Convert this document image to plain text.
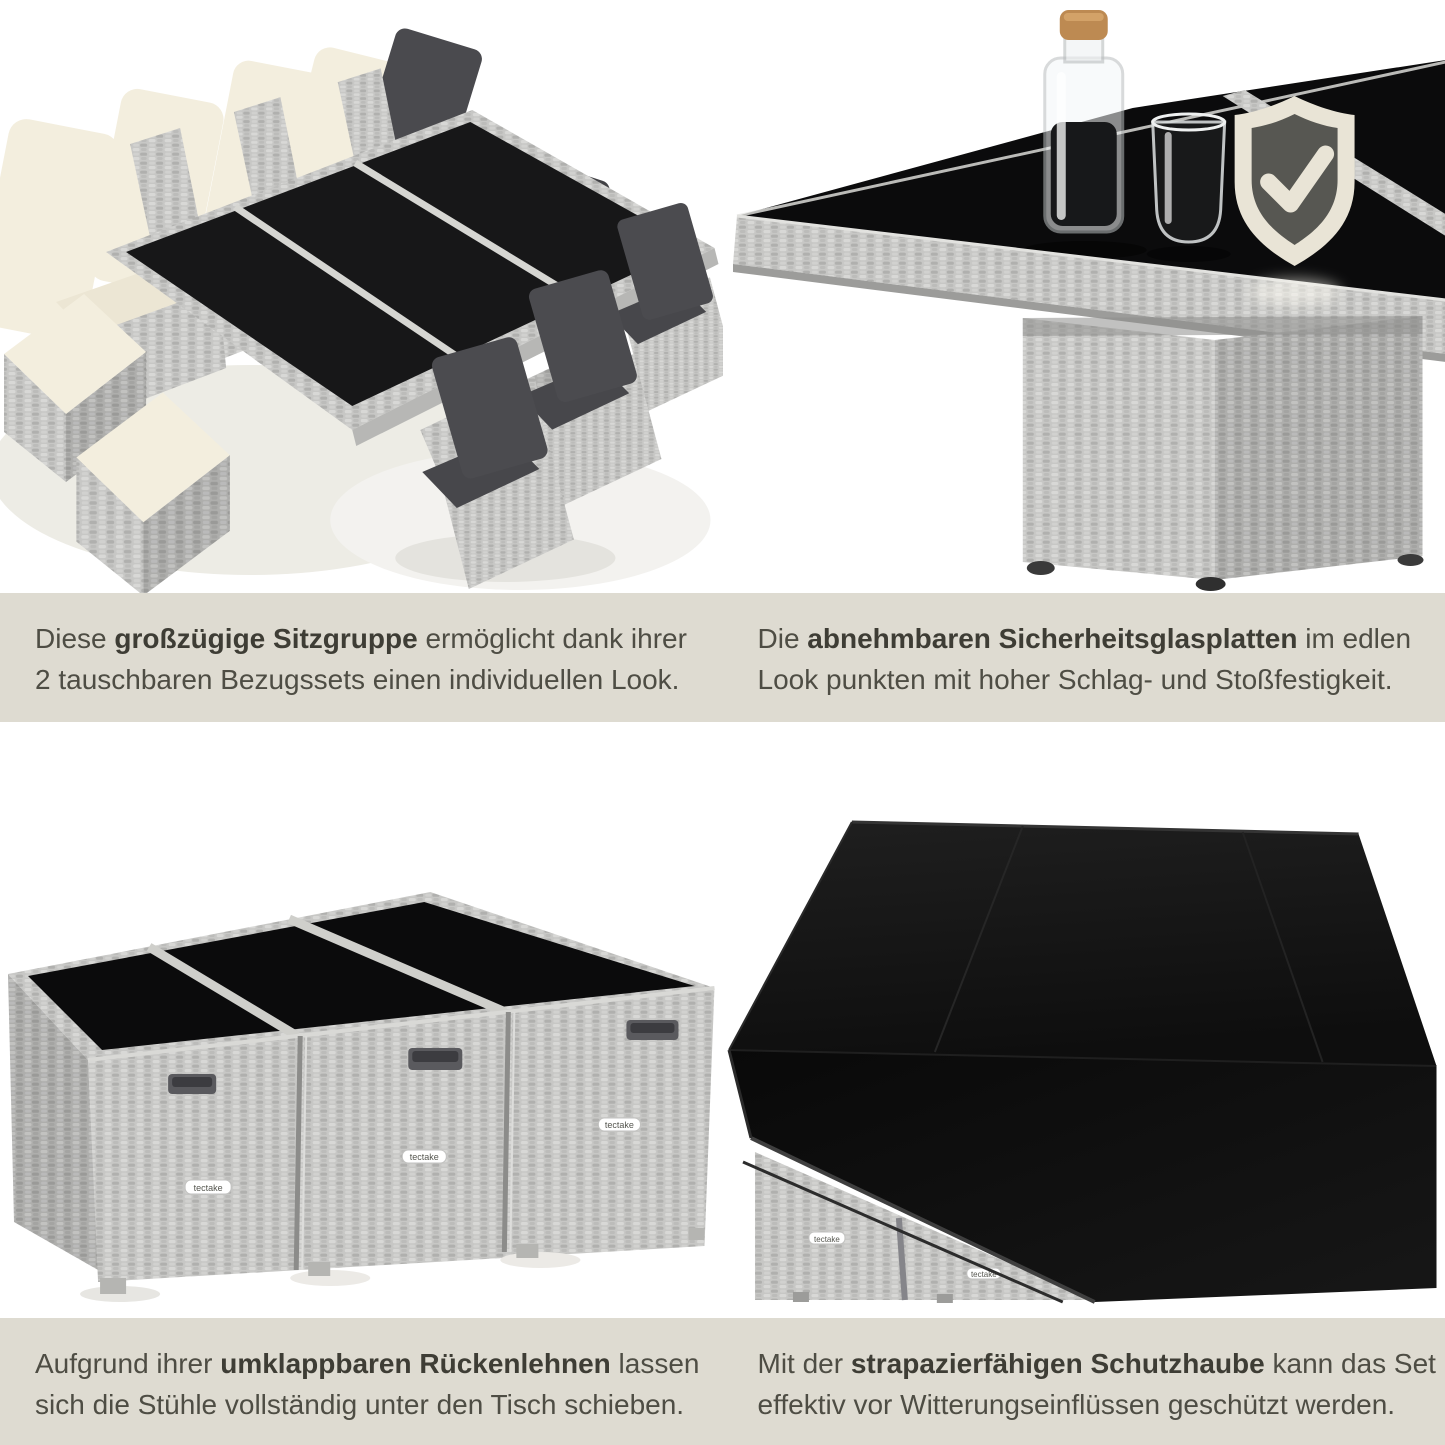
Diese großzügige Sitzgruppe ermöglicht dank ihrer
2 tauschbaren Bezugssets einen individuellen Look.
Die abnehmbaren Sicherheitsglasplatten im edlen
Look punkten mit hoher Schlag- und Stoßfestigkeit.
tectake
tectake
tectake
tectake
tectake
Aufgrund ihrer umklappbaren Rückenlehnen lassen
sich die Stühle vollständig unter den Tisch schieben.
Mit der strapazierfähigen Schutzhaube kann das Set
effektiv vor Witterungseinflüssen geschützt werden.
